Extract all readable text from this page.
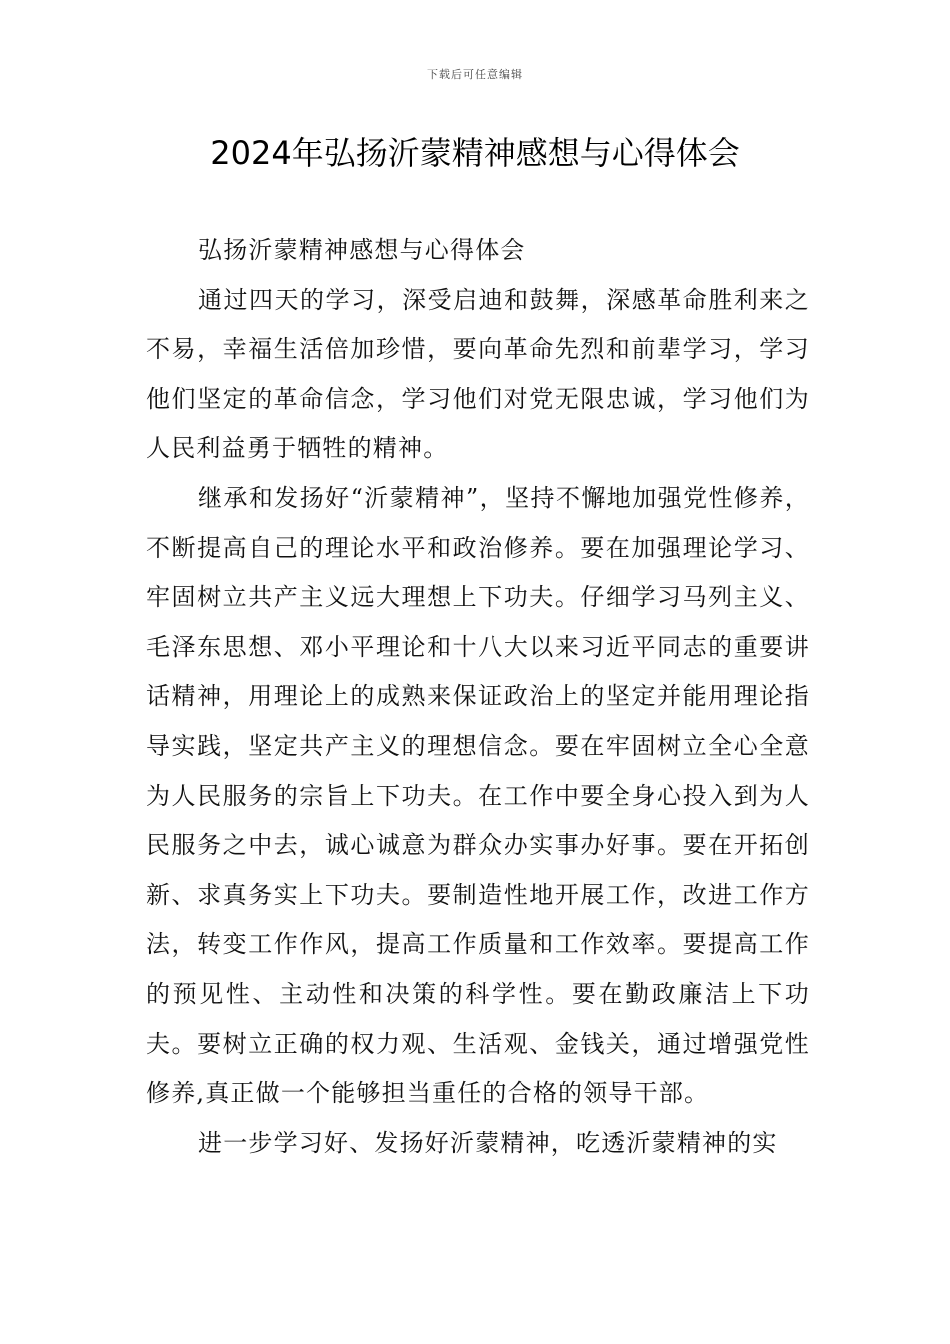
下载后可任意编辑
2024年弘扬沂蒙精神感想与心得体会

弘扬沂蒙精神感想与心得体会

通过四天的学习，深受启迪和鼓舞，深感革命胜利来之不易，幸福生活倍加珍惜，要向革命先烈和前辈学习，学习他们坚定的革命信念，学习他们对党无限忠诚，学习他们为人民利益勇于牺牲的精神。

继承和发扬好“沂蒙精神”，坚持不懈地加强党性修养，不断提高自己的理论水平和政治修养。要在加强理论学习、牢固树立共产主义远大理想上下功夫。仔细学习马列主义、毛泽东思想、邓小平理论和十八大以来习近平同志的重要讲话精神，用理论上的成熟来保证政治上的坚定并能用理论指导实践，坚定共产主义的理想信念。要在牢固树立全心全意为人民服务的宗旨上下功夫。在工作中要全身心投入到为人民服务之中去，诚心诚意为群众办实事办好事。要在开拓创新、求真务实上下功夫。要制造性地开展工作，改进工作方法，转变工作作风，提高工作质量和工作效率。要提高工作的预见性、主动性和决策的科学性。要在勤政廉洁上下功夫。要树立正确的权力观、生活观、金钱关，通过增强党性修养,真正做一个能够担当重任的合格的领导干部。

进一步学习好、发扬好沂蒙精神，吃透沂蒙精神的实
